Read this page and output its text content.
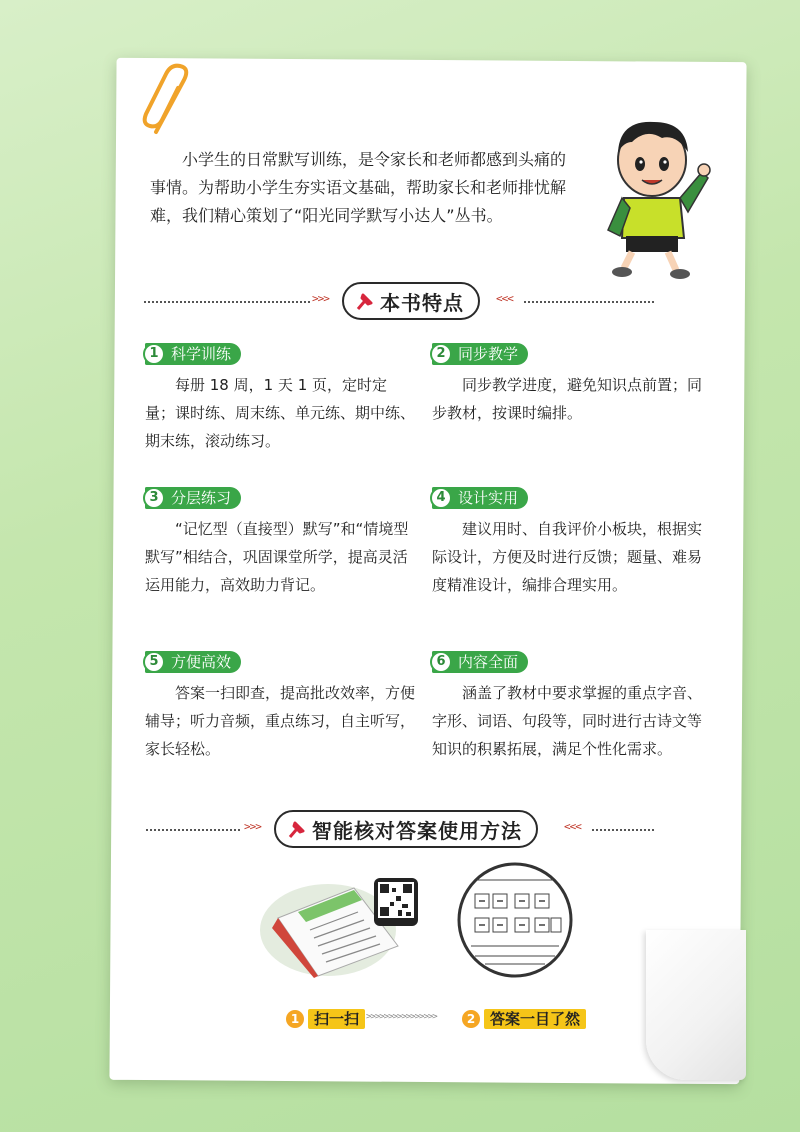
小学生的日常默写训练，是令家长和老师都感到头痛的事情。为帮助小学生夯实语文基础，帮助家长和老师排忧解难，我们精心策划了“阳光同学默写小达人”丛书。

>>>	本书特点	<<<
1 科学训练

每册 18 周，1 天 1 页，定时定量；课时练、周末练、单元练、期中练、期末练，滚动练习。

2 同步教学

同步教学进度，避免知识点前置；同步教材，按课时编排。

3 分层练习

“记忆型（直接型）默写”和“情境型默写”相结合，巩固课堂所学，提高灵活运用能力，高效助力背记。

4 设计实用

建议用时、自我评价小板块，根据实际设计，方便及时进行反馈；题量、难易度精准设计，编排合理实用。

5 方便高效

答案一扫即查，提高批改效率，方便辅导；听力音频，重点练习，自主听写，家长轻松。

6 内容全面

涵盖了教材中要求掌握的重点字音、字形、词语、句段等，同时进行古诗文等知识的积累拓展，满足个性化需求。

>>>	智能核对答案使用方法	<<<
1 扫一扫 >>>>>>>>>>>>>>>>	2 答案一目了然
